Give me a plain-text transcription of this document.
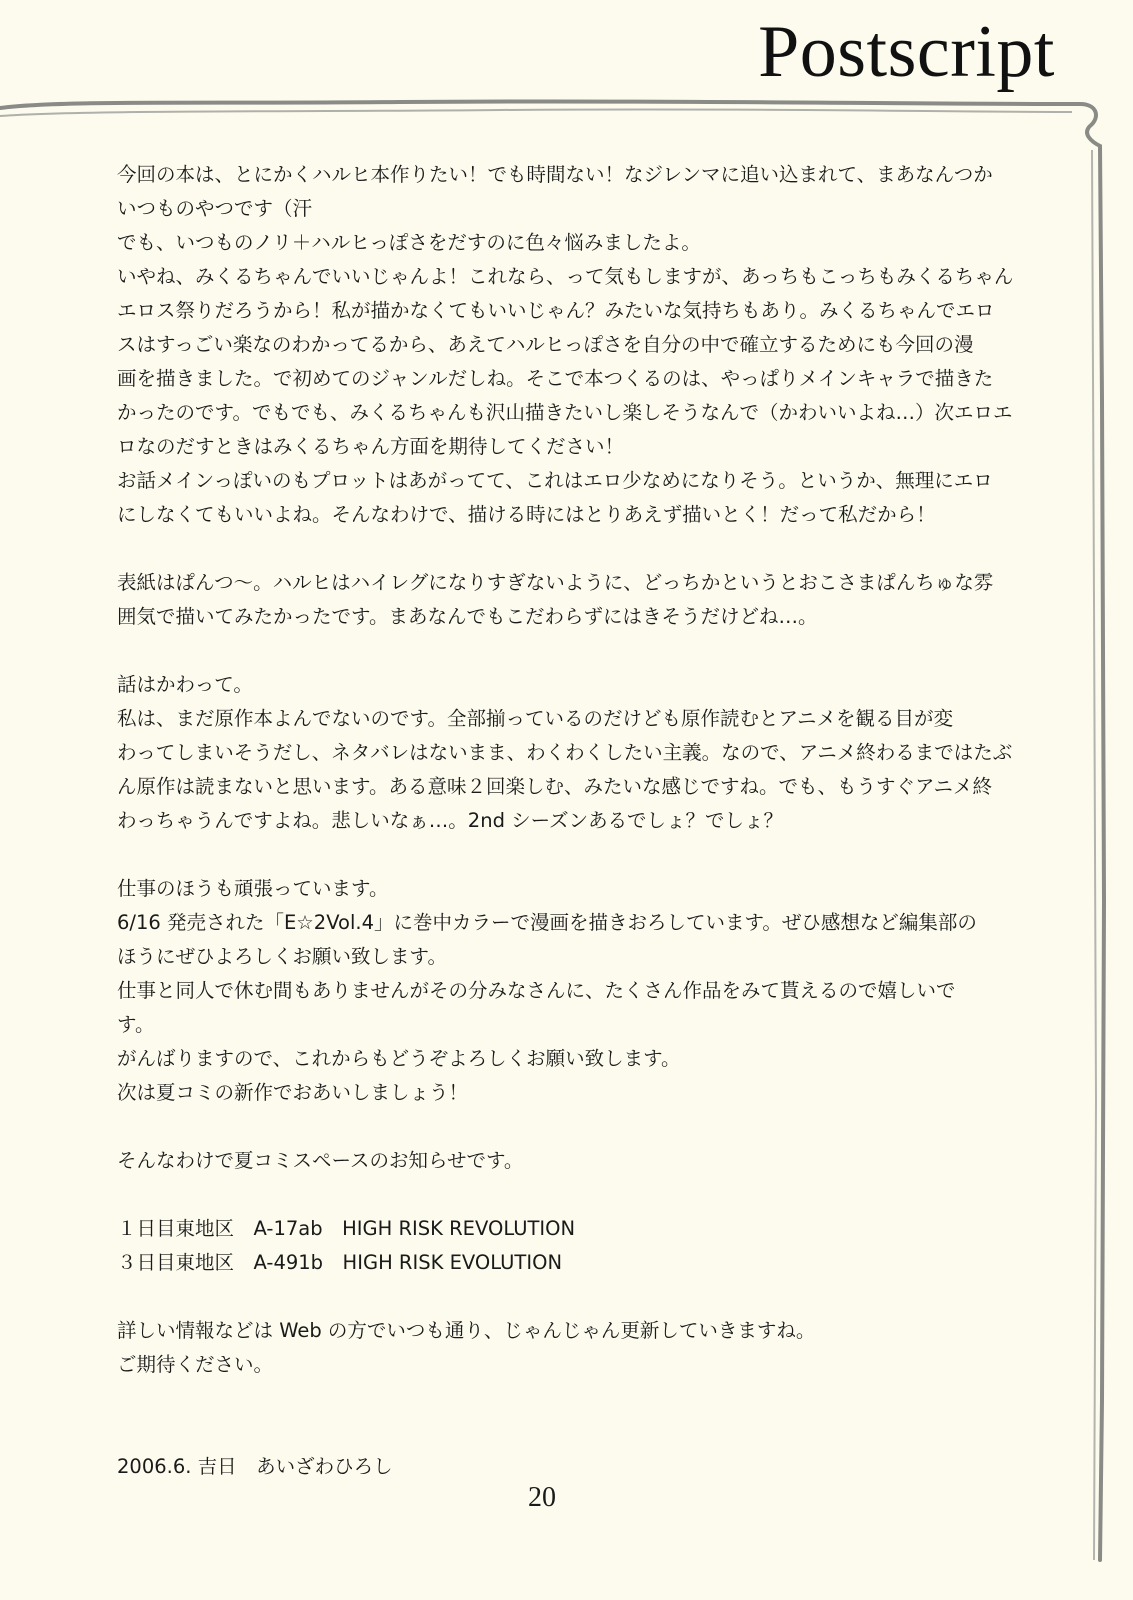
Postscript
今回の本は、とにかくハルヒ本作りたい！でも時間ない！なジレンマに追い込まれて、まあなんつか
いつものやつです（汗
でも、いつものノリ＋ハルヒっぽさをだすのに色々悩みましたよ。
いやね、みくるちゃんでいいじゃんよ！これなら、って気もしますが、あっちもこっちもみくるちゃん
エロス祭りだろうから！私が描かなくてもいいじゃん？みたいな気持ちもあり。みくるちゃんでエロ
スはすっごい楽なのわかってるから、あえてハルヒっぽさを自分の中で確立するためにも今回の漫
画を描きました。で初めてのジャンルだしね。そこで本つくるのは、やっぱりメインキャラで描きた
かったのです。でもでも、みくるちゃんも沢山描きたいし楽しそうなんで（かわいいよね…）次エロエ
ロなのだすときはみくるちゃん方面を期待してください！
お話メインっぽいのもプロットはあがってて、これはエロ少なめになりそう。というか、無理にエロ
にしなくてもいいよね。そんなわけで、描ける時にはとりあえず描いとく！だって私だから！
表紙はぱんつ～。ハルヒはハイレグになりすぎないように、どっちかというとおこさまぱんちゅな雰
囲気で描いてみたかったです。まあなんでもこだわらずにはきそうだけどね…。
話はかわって。
私は、まだ原作本よんでないのです。全部揃っているのだけども原作読むとアニメを観る目が変
わってしまいそうだし、ネタバレはないまま、わくわくしたい主義。なので、アニメ終わるまではたぶ
ん原作は読まないと思います。ある意味２回楽しむ、みたいな感じですね。でも、もうすぐアニメ終
わっちゃうんですよね。悲しいなぁ…。2nd シーズンあるでしょ？でしょ？
仕事のほうも頑張っています。
6/16 発売された「E☆2Vol.4」に巻中カラーで漫画を描きおろしています。ぜひ感想など編集部の
ほうにぜひよろしくお願い致します。
仕事と同人で休む間もありませんがその分みなさんに、たくさん作品をみて貰えるので嬉しいで
す。
がんばりますので、これからもどうぞよろしくお願い致します。
次は夏コミの新作でおあいしましょう！
そんなわけで夏コミスペースのお知らせです。
１日目東地区　A-17ab　HIGH RISK REVOLUTION
３日目東地区　A-491b　HIGH RISK EVOLUTION
詳しい情報などは Web の方でいつも通り、じゃんじゃん更新していきますね。
ご期待ください。
2006.6. 吉日　あいざわひろし
20
